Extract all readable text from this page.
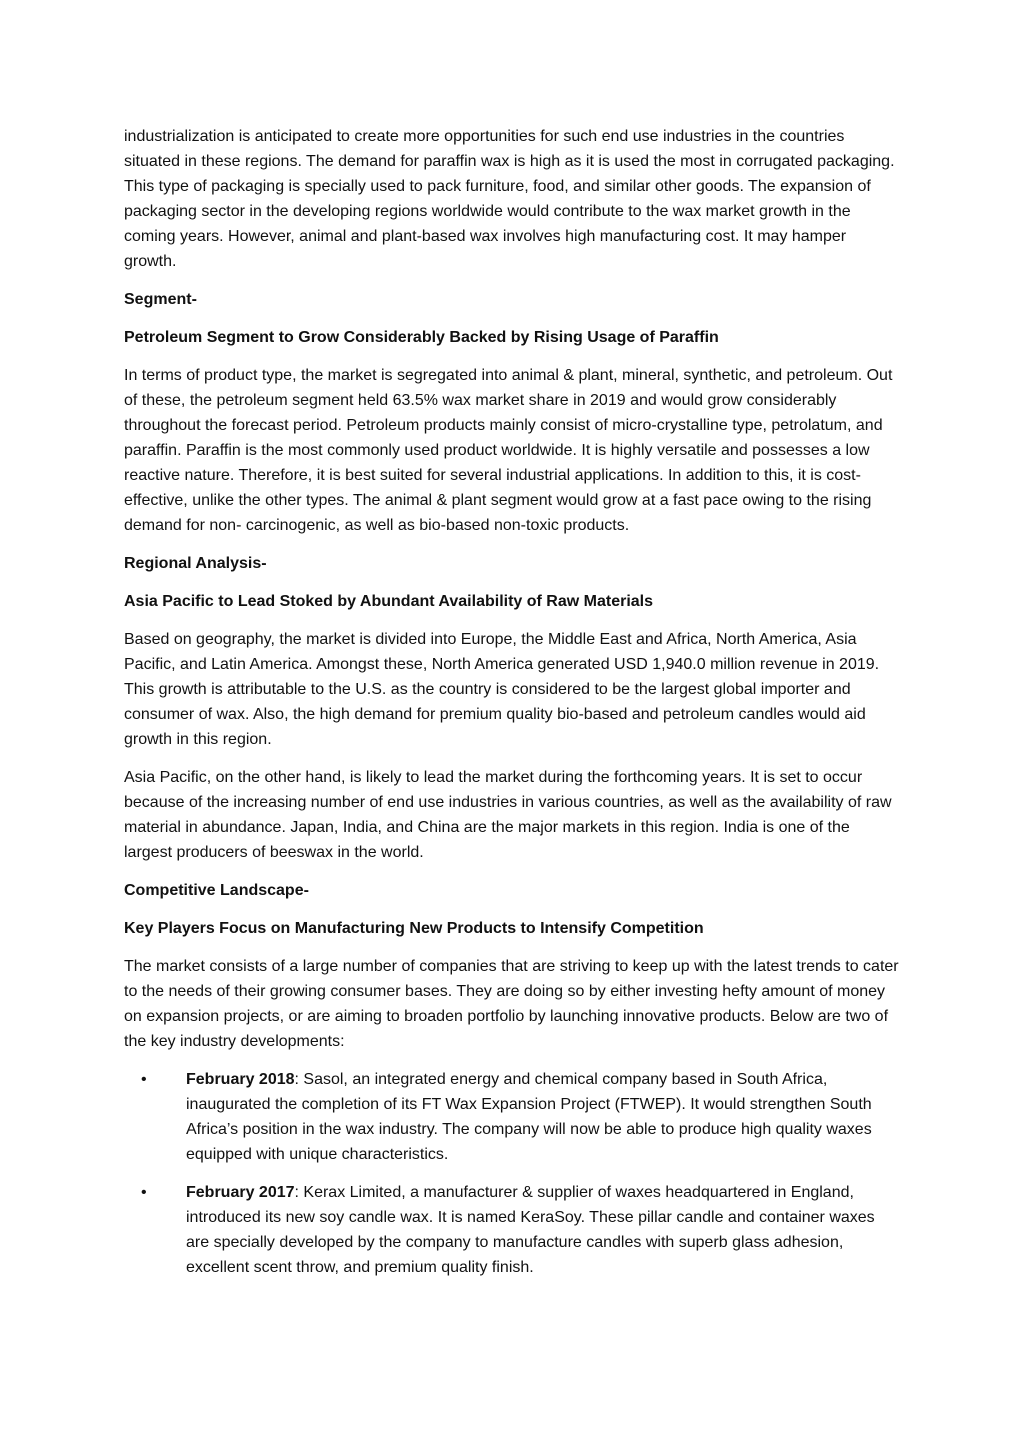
industrialization is anticipated to create more opportunities for such end use industries in the countries situated in these regions. The demand for paraffin wax is high as it is used the most in corrugated packaging. This type of packaging is specially used to pack furniture, food, and similar other goods. The expansion of packaging sector in the developing regions worldwide would contribute to the wax market growth in the coming years. However, animal and plant-based wax involves high manufacturing cost. It may hamper growth.

Segment-

Petroleum Segment to Grow Considerably Backed by Rising Usage of Paraffin

In terms of product type, the market is segregated into animal & plant, mineral, synthetic, and petroleum. Out of these, the petroleum segment held 63.5% wax market share in 2019 and would grow considerably throughout the forecast period. Petroleum products mainly consist of micro-crystalline type, petrolatum, and paraffin. Paraffin is the most commonly used product worldwide. It is highly versatile and possesses a low reactive nature. Therefore, it is best suited for several industrial applications. In addition to this, it is cost-effective, unlike the other types. The animal & plant segment would grow at a fast pace owing to the rising demand for non- carcinogenic, as well as bio-based non-toxic products.

Regional Analysis-

Asia Pacific to Lead Stoked by Abundant Availability of Raw Materials

Based on geography, the market is divided into Europe, the Middle East and Africa, North America, Asia Pacific, and Latin America. Amongst these, North America generated USD 1,940.0 million revenue in 2019. This growth is attributable to the U.S. as the country is considered to be the largest global importer and consumer of wax. Also, the high demand for premium quality bio-based and petroleum candles would aid growth in this region.

Asia Pacific, on the other hand, is likely to lead the market during the forthcoming years. It is set to occur because of the increasing number of end use industries in various countries, as well as the availability of raw material in abundance. Japan, India, and China are the major markets in this region. India is one of the largest producers of beeswax in the world.

Competitive Landscape-

Key Players Focus on Manufacturing New Products to Intensify Competition

The market consists of a large number of companies that are striving to keep up with the latest trends to cater to the needs of their growing consumer bases. They are doing so by either investing hefty amount of money on expansion projects, or are aiming to broaden portfolio by launching innovative products. Below are two of the key industry developments:

• February 2018: Sasol, an integrated energy and chemical company based in South Africa, inaugurated the completion of its FT Wax Expansion Project (FTWEP). It would strengthen South Africa’s position in the wax industry. The company will now be able to produce high quality waxes equipped with unique characteristics.
• February 2017: Kerax Limited, a manufacturer & supplier of waxes headquartered in England, introduced its new soy candle wax. It is named KeraSoy. These pillar candle and container waxes are specially developed by the company to manufacture candles with superb glass adhesion, excellent scent throw, and premium quality finish.
